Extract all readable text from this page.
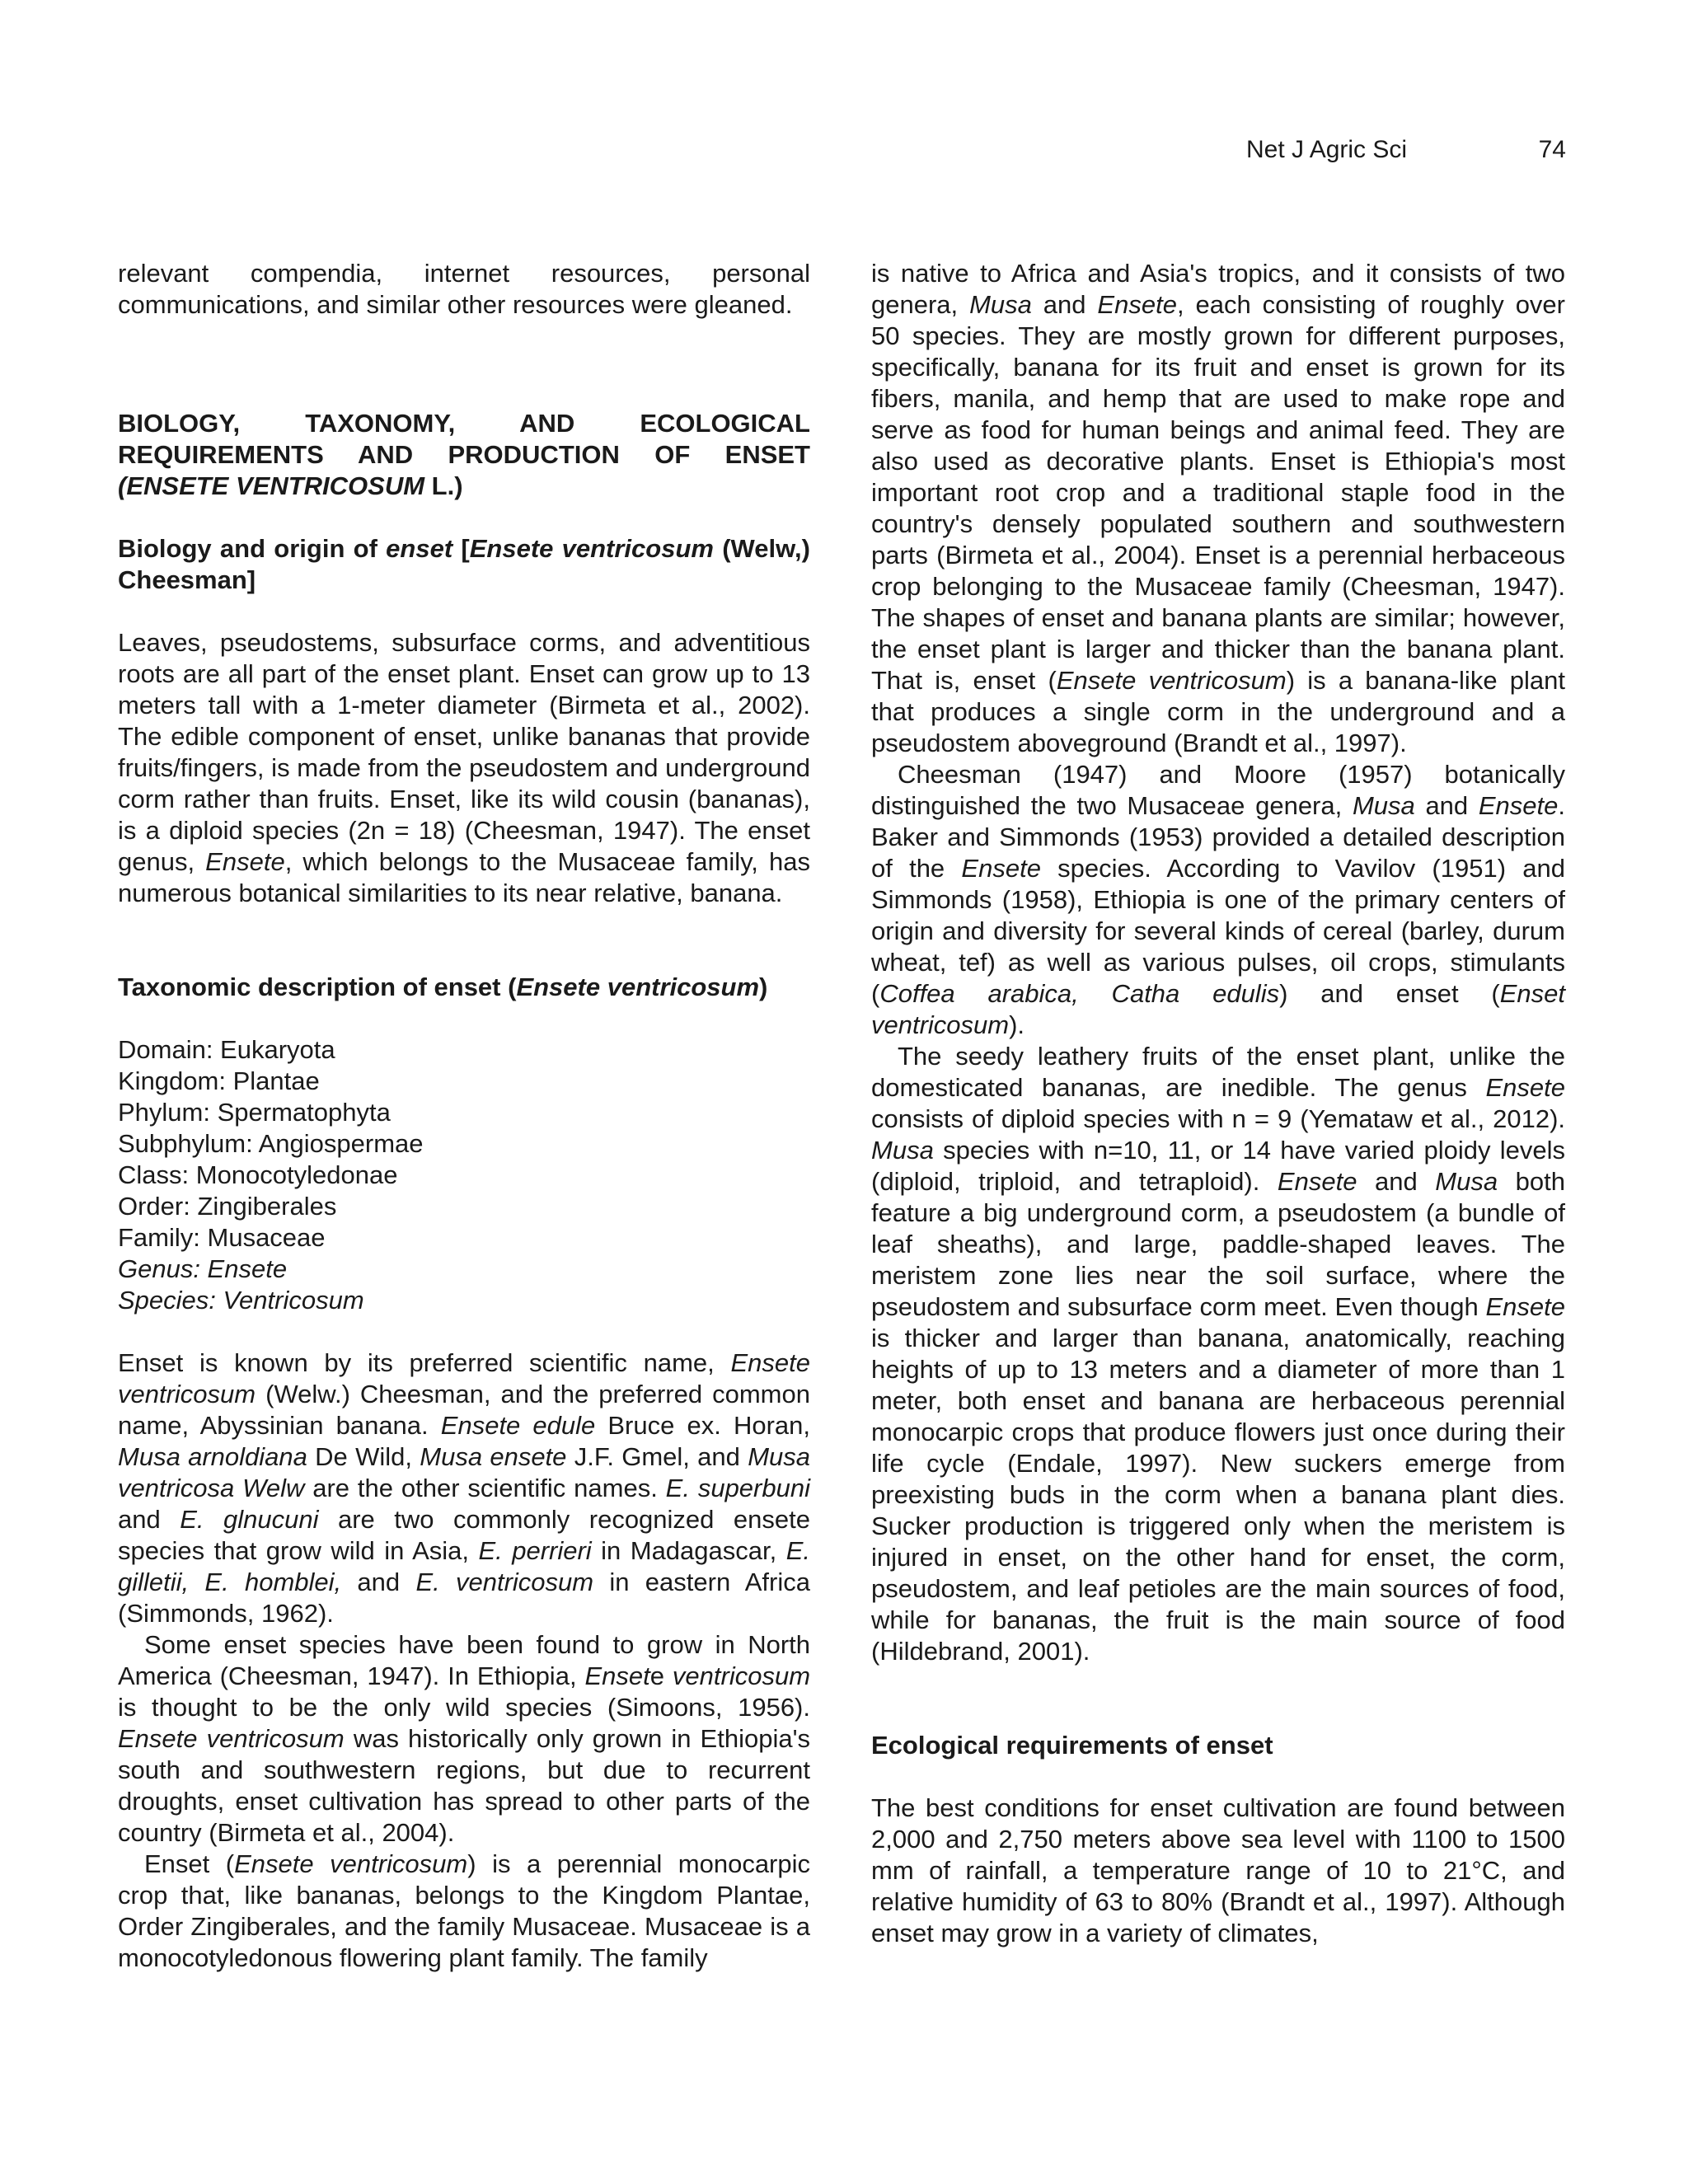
Net J Agric Sci	74

relevant compendia, internet resources, personal communications, and similar other resources were gleaned.

BIOLOGY, TAXONOMY, AND ECOLOGICAL REQUIREMENTS AND PRODUCTION OF ENSET (ENSETE VENTRICOSUM L.)
Biology and origin of enset [Ensete ventricosum (Welw,) Cheesman]

Leaves, pseudostems, subsurface corms, and adventitious roots are all part of the enset plant. Enset can grow up to 13 meters tall with a 1-meter diameter (Birmeta et al., 2002). The edible component of enset, unlike bananas that provide fruits/fingers, is made from the pseudostem and underground corm rather than fruits. Enset, like its wild cousin (bananas), is a diploid species (2n = 18) (Cheesman, 1947). The enset genus, Ensete, which belongs to the Musaceae family, has numerous botanical similarities to its near relative, banana.

Taxonomic description of enset (Ensete ventricosum)
Domain: Eukaryota
Kingdom: Plantae
Phylum: Spermatophyta
Subphylum: Angiospermae
Class: Monocotyledonae
Order: Zingiberales
Family: Musaceae
Genus: Ensete
Species: Ventricosum

Enset is known by its preferred scientific name, Ensete ventricosum (Welw.) Cheesman, and the preferred common name, Abyssinian banana. Ensete edule Bruce ex. Horan, Musa arnoldiana De Wild, Musa ensete J.F. Gmel, and Musa ventricosa Welw are the other scientific names. E. superbuni and E. glnucuni are two commonly recognized ensete species that grow wild in Asia, E. perrieri in Madagascar, E. gilletii, E. homblei, and E. ventricosum in eastern Africa (Simmonds, 1962).

Some enset species have been found to grow in North America (Cheesman, 1947). In Ethiopia, Ensete ventricosum is thought to be the only wild species (Simoons, 1956). Ensete ventricosum was historically only grown in Ethiopia's south and southwestern regions, but due to recurrent droughts, enset cultivation has spread to other parts of the country (Birmeta et al., 2004).

Enset (Ensete ventricosum) is a perennial monocarpic crop that, like bananas, belongs to the Kingdom Plantae, Order Zingiberales, and the family Musaceae. Musaceae is a monocotyledonous flowering plant family. The family

is native to Africa and Asia's tropics, and it consists of two genera, Musa and Ensete, each consisting of roughly over 50 species. They are mostly grown for different purposes, specifically, banana for its fruit and enset is grown for its fibers, manila, and hemp that are used to make rope and serve as food for human beings and animal feed. They are also used as decorative plants. Enset is Ethiopia's most important root crop and a traditional staple food in the country's densely populated southern and southwestern parts (Birmeta et al., 2004). Enset is a perennial herbaceous crop belonging to the Musaceae family (Cheesman, 1947). The shapes of enset and banana plants are similar; however, the enset plant is larger and thicker than the banana plant. That is, enset (Ensete ventricosum) is a banana-like plant that produces a single corm in the underground and a pseudostem aboveground (Brandt et al., 1997).

Cheesman (1947) and Moore (1957) botanically distinguished the two Musaceae genera, Musa and Ensete. Baker and Simmonds (1953) provided a detailed description of the Ensete species. According to Vavilov (1951) and Simmonds (1958), Ethiopia is one of the primary centers of origin and diversity for several kinds of cereal (barley, durum wheat, tef) as well as various pulses, oil crops, stimulants (Coffea arabica, Catha edulis) and enset (Enset ventricosum).

The seedy leathery fruits of the enset plant, unlike the domesticated bananas, are inedible. The genus Ensete consists of diploid species with n = 9 (Yemataw et al., 2012). Musa species with n=10, 11, or 14 have varied ploidy levels (diploid, triploid, and tetraploid). Ensete and Musa both feature a big underground corm, a pseudostem (a bundle of leaf sheaths), and large, paddle-shaped leaves. The meristem zone lies near the soil surface, where the pseudostem and subsurface corm meet. Even though Ensete is thicker and larger than banana, anatomically, reaching heights of up to 13 meters and a diameter of more than 1 meter, both enset and banana are herbaceous perennial monocarpic crops that produce flowers just once during their life cycle (Endale, 1997). New suckers emerge from preexisting buds in the corm when a banana plant dies. Sucker production is triggered only when the meristem is injured in enset, on the other hand for enset, the corm, pseudostem, and leaf petioles are the main sources of food, while for bananas, the fruit is the main source of food (Hildebrand, 2001).

Ecological requirements of enset

The best conditions for enset cultivation are found between 2,000 and 2,750 meters above sea level with 1100 to 1500 mm of rainfall, a temperature range of 10 to 21°C, and relative humidity of 63 to 80% (Brandt et al., 1997). Although enset may grow in a variety of climates,
